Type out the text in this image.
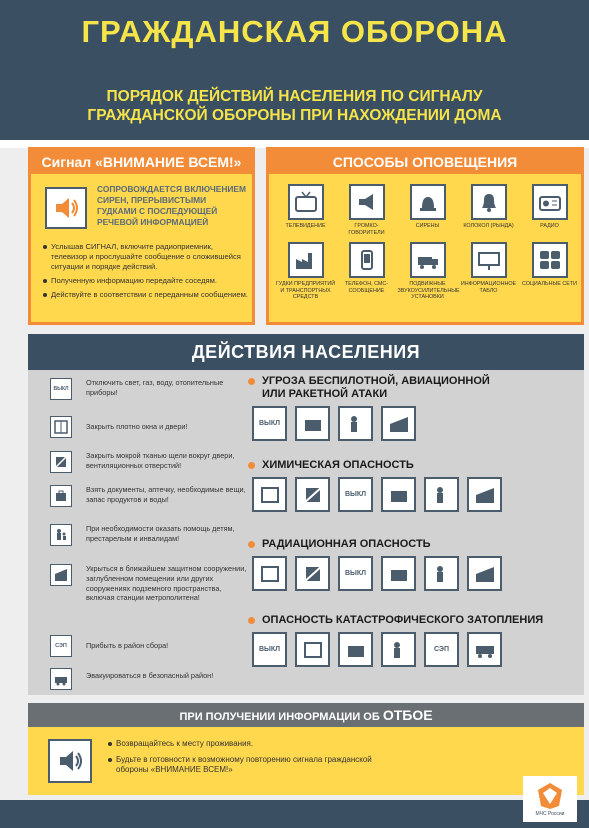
ГРАЖДАНСКАЯ ОБОРОНА
ПОРЯДОК ДЕЙСТВИЙ НАСЕЛЕНИЯ ПО СИГНАЛУ
ГРАЖДАНСКОЙ ОБОРОНЫ ПРИ НАХОЖДЕНИИ ДОМА
Сигнал «ВНИМАНИЕ ВСЕМ!»
СОПРОВОЖДАЕТСЯ ВКЛЮЧЕНИЕМ СИРЕН, ПРЕРЫВИСТЫМИ ГУДКАМИ С ПОСЛЕДУЮЩЕЙ РЕЧЕВОЙ ИНФОРМАЦИЕЙ
Услышав СИГНАЛ, включите радиоприемник, телевизор и прослушайте сообщение о сложившейся ситуации и порядке действий.
Полученную информацию передайте соседям.
Действуйте в соответствии с переданным сообщением.
СПОСОБЫ ОПОВЕЩЕНИЯ
ТЕЛЕВИДЕНИЕ	ГРОМКО-ГОВОРИТЕЛИ
СИРЕНЫ	КОЛОКОЛ (РЫНДА)	РАДИО
ГУДКИ ПРЕДПРИЯТИЙ И ТРАНСПОРТНЫХ СРЕДСТВ
ТЕЛЕФОН, СМС-СООБЩЕНИЕ
ПОДВИЖНЫЕ ЗВУКОУСИЛИТЕЛЬНЫЕ УСТАНОВКИ
ИНФОРМАЦИОННОЕ ТАБЛО
СОЦИАЛЬНЫЕ СЕТИ
ДЕЙСТВИЯ НАСЕЛЕНИЯ
ВЫКЛ
Отключить свет, газ, воду, отопительные приборы!
Закрыть плотно окна и двери!
Закрыть мокрой тканью щели вокруг двери, вентиляционных отверстий!
Взять документы, аптечку, необходимые вещи, запас продуктов и воды!
При необходимости оказать помощь детям, престарелым и инвалидам!
Укрыться в ближайшем защитном сооружении, заглубленном помещении или других сооружениях подземного пространства, включая станции метрополитена!
СЭП	Прибыть в район сбора!
Эвакуироваться в безопасный район!
УГРОЗА БЕСПИЛОТНОЙ, АВИАЦИОННОЙ
ИЛИ РАКЕТНОЙ АТАКИ
ВЫКЛ
ХИМИЧЕСКАЯ ОПАСНОСТЬ
ВЫКЛ
РАДИАЦИОННАЯ ОПАСНОСТЬ
ВЫКЛ
ОПАСНОСТЬ КАТАСТРОФИЧЕСКОГО ЗАТОПЛЕНИЯ
ВЫКЛ	СЭП
ПРИ ПОЛУЧЕНИИ ИНФОРМАЦИИ ОБ ОТБОЕ
Возвращайтесь к месту проживания.
Будьте в готовности к возможному повторению сигнала гражданской обороны «ВНИМАНИЕ ВСЕМ!»
МЧС России
